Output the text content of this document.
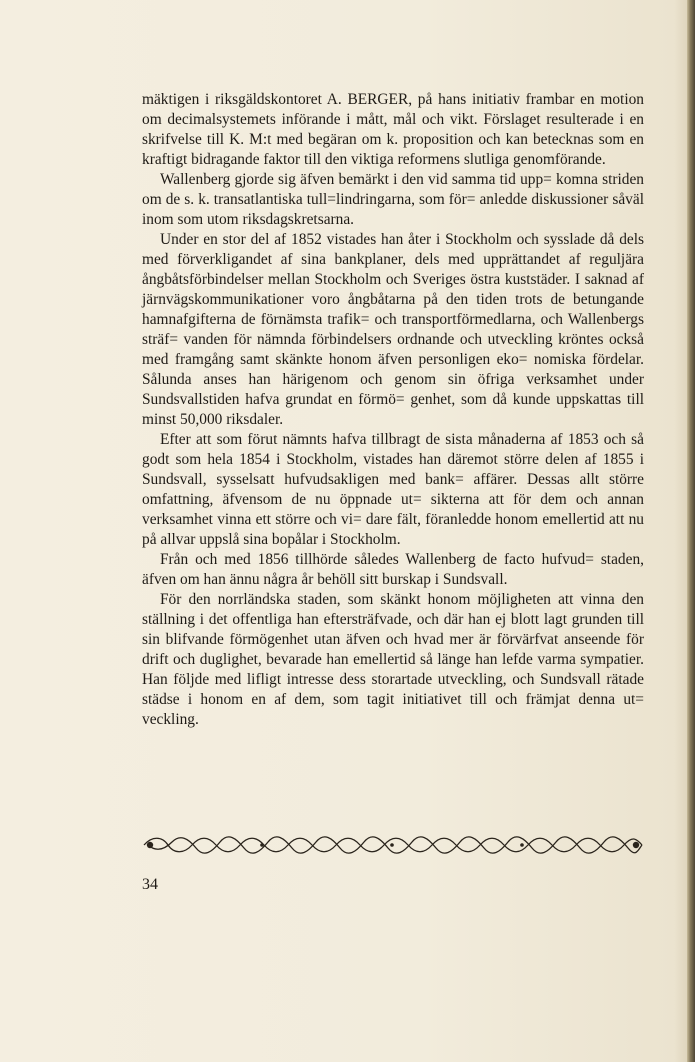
mäktigen i riksgäldskontoret A. BERGER, på hans initiativ frambar en motion om decimalsystemets införande i mått, mål och vikt. Förslaget resulterade i en skrifvelse till K. M:t med begäran om k. proposition och kan betecknas som en kraftigt bidragande faktor till den viktiga reformens slutliga genomförande.

Wallenberg gjorde sig äfven bemärkt i den vid samma tid upp= komna striden om de s. k. transatlantiska tull=lindringarna, som för= anledde diskussioner såväl inom som utom riksdagskretsarna.

Under en stor del af 1852 vistades han åter i Stockholm och sysslade då dels med förverkligandet af sina bankplaner, dels med upprättandet af reguljära ångbåtsförbindelser mellan Stockholm och Sveriges östra kuststäder. I saknad af järnvägskommunikationer voro ångbåtarna på den tiden trots de betungande hamnafgifterna de förnämsta trafik= och transportförmedlarna, och Wallenbergs sträf= vanden för nämnda förbindelsers ordnande och utveckling kröntes också med framgång samt skänkte honom äfven personligen eko= nomiska fördelar. Sålunda anses han härigenom och genom sin öfriga verksamhet under Sundsvallstiden hafva grundat en förmö= genhet, som då kunde uppskattas till minst 50,000 riksdaler.

Efter att som förut nämnts hafva tillbragt de sista månaderna af 1853 och så godt som hela 1854 i Stockholm, vistades han däremot större delen af 1855 i Sundsvall, sysselsatt hufvudsakligen med bank= affärer. Dessas allt större omfattning, äfvensom de nu öppnade ut= sikterna att för dem och annan verksamhet vinna ett större och vi= dare fält, föranledde honom emellertid att nu på allvar uppslå sina bopålar i Stockholm.

Från och med 1856 tillhörde således Wallenberg de facto hufvud= staden, äfven om han ännu några år behöll sitt burskap i Sundsvall.

För den norrländska staden, som skänkt honom möjligheten att vinna den ställning i det offentliga han eftersträfvade, och där han ej blott lagt grunden till sin blifvande förmögenhet utan äfven och hvad mer är förvärfvat anseende för drift och duglighet, bevarade han emellertid så länge han lefde varma sympatier. Han följde med lifligt intresse dess storartade utveckling, och Sundsvall rätade städse i honom en af dem, som tagit initiativet till och främjat denna ut= veckling.

34
